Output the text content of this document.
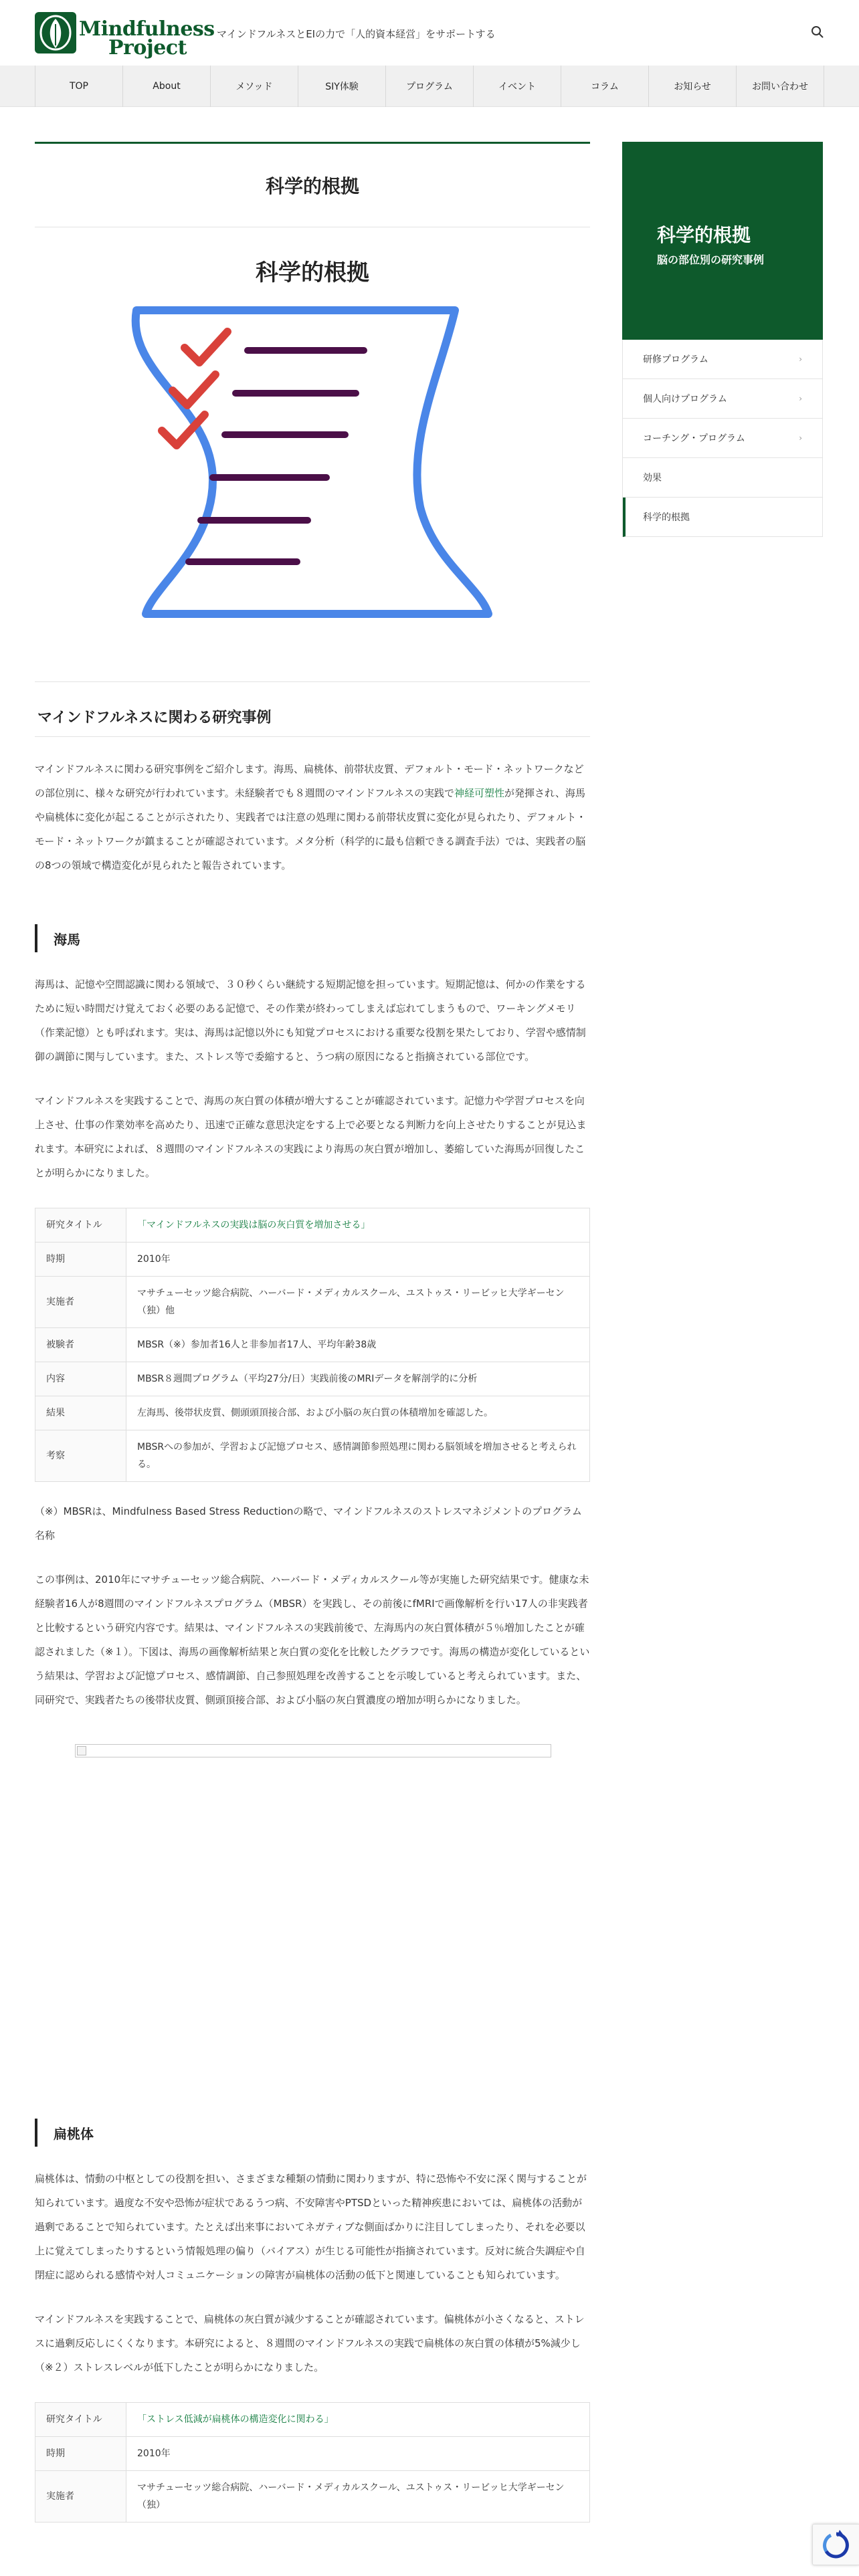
Mindfulness
Project
マインドフルネスとEIの力で「人的資本経営」をサポートする
TOP	About	メソッド	SIY体験	プログラム	イベント	コラム	お知らせ	お問い合わせ
科学的根拠
科学的根拠
マインドフルネスに関わる研究事例

マインドフルネスに関わる研究事例をご紹介します。海馬、扁桃体、前帯状皮質、デフォルト・モード・ネットワークなどの部位別に、様々な研究が行われています。未経験者でも８週間のマインドフルネスの実践で神経可塑性が発揮され、海馬や扁桃体に変化が起こることが示されたり、実践者では注意の処理に関わる前帯状皮質に変化が見られたり、デフォルト・モード・ネットワークが鎮まることが確認されています。メタ分析（科学的に最も信頼できる調査手法）では、実践者の脳の8つの領域で構造変化が見られたと報告されています。

海馬

海馬は、記憶や空間認識に関わる領域で、３０秒くらい継続する短期記憶を担っています。短期記憶は、何かの作業をするために短い時間だけ覚えておく必要のある記憶で、その作業が終わってしまえば忘れてしまうもので、ワーキングメモリ（作業記憶）とも呼ばれます。実は、海馬は記憶以外にも知覚プロセスにおける重要な役割を果たしており、学習や感情制御の調節に関与しています。また、ストレス等で委縮すると、うつ病の原因になると指摘されている部位です。

マインドフルネスを実践することで、海馬の灰白質の体積が増大することが確認されています。記憶力や学習プロセスを向上させ、仕事の作業効率を高めたり、迅速で正確な意思決定をする上で必要となる判断力を向上させたりすることが見込まれます。本研究によれば、８週間のマインドフルネスの実践により海馬の灰白質が増加し、萎縮していた海馬が回復したことが明らかになりました。

研究タイトル	「マインドフルネスの実践は脳の灰白質を増加させる」
時期	2010年
実施者	マサチューセッツ総合病院、ハーバード・メディカルスクール、ユストゥス・リービッヒ大学ギーセン（独）他
被験者	MBSR（※）参加者16人と非参加者17人、平均年齢38歳
内容	MBSR８週間プログラム（平均27分/日）実践前後のMRIデータを解剖学的に分析
結果	左海馬、後帯状皮質、側頭頭頂接合部、および小脳の灰白質の体積増加を確認した。
考察	MBSRへの参加が、学習および記憶プロセス、感情調節参照処理に関わる脳領域を増加させると考えられる。

（※）MBSRは、Mindfulness Based Stress Reductionの略で、マインドフルネスのストレスマネジメントのプログラム名称

この事例は、2010年にマサチューセッツ総合病院、ハーバード・メディカルスクール等が実施した研究結果です。健康な未経験者16人が8週間のマインドフルネスプログラム（MBSR）を実践し、その前後にfMRIで画像解析を行い17人の非実践者と比較するという研究内容です。結果は、マインドフルネスの実践前後で、左海馬内の灰白質体積が５％増加したことが確認されました（※１）。下図は、海馬の画像解析結果と灰白質の変化を比較したグラフです。海馬の構造が変化しているという結果は、学習および記憶プロセス、感情調節、自己参照処理を改善することを示唆していると考えられています。また、同研究で、実践者たちの後帯状皮質、側頭頂接合部、および小脳の灰白質濃度の増加が明らかになりました。

扁桃体

扁桃体は、情動の中枢としての役割を担い、さまざまな種類の情動に関わりますが、特に恐怖や不安に深く関与することが知られています。過度な不安や恐怖が症状であるうつ病、不安障害やPTSDといった精神疾患においては、扁桃体の活動が過剰であることで知られています。たとえば出来事においてネガティブな側面ばかりに注目してしまったり、それを必要以上に覚えてしまったりするという情報処理の偏り（バイアス）が生じる可能性が指摘されています。反対に統合失調症や自閉症に認められる感情や対人コミュニケーションの障害が扁桃体の活動の低下と関連していることも知られています。

マインドフルネスを実践することで、扁桃体の灰白質が減少することが確認されています。偏桃体が小さくなると、ストレスに過剰反応しにくくなります。本研究によると、８週間のマインドフルネスの実践で扁桃体の灰白質の体積が5%減少し（※２）ストレスレベルが低下したことが明らかになりました。

研究タイトル	「ストレス低減が扁桃体の構造変化に関わる」
時期	2010年
実施者	マサチューセッツ総合病院、ハーバード・メディカルスクール、ユストゥス・リービッヒ大学ギーセン（独）
科学的根拠
脳の部位別の研究事例
研修プログラム	›
個人向けプログラム	›
コーチング・プログラム	›
効果
科学的根拠
